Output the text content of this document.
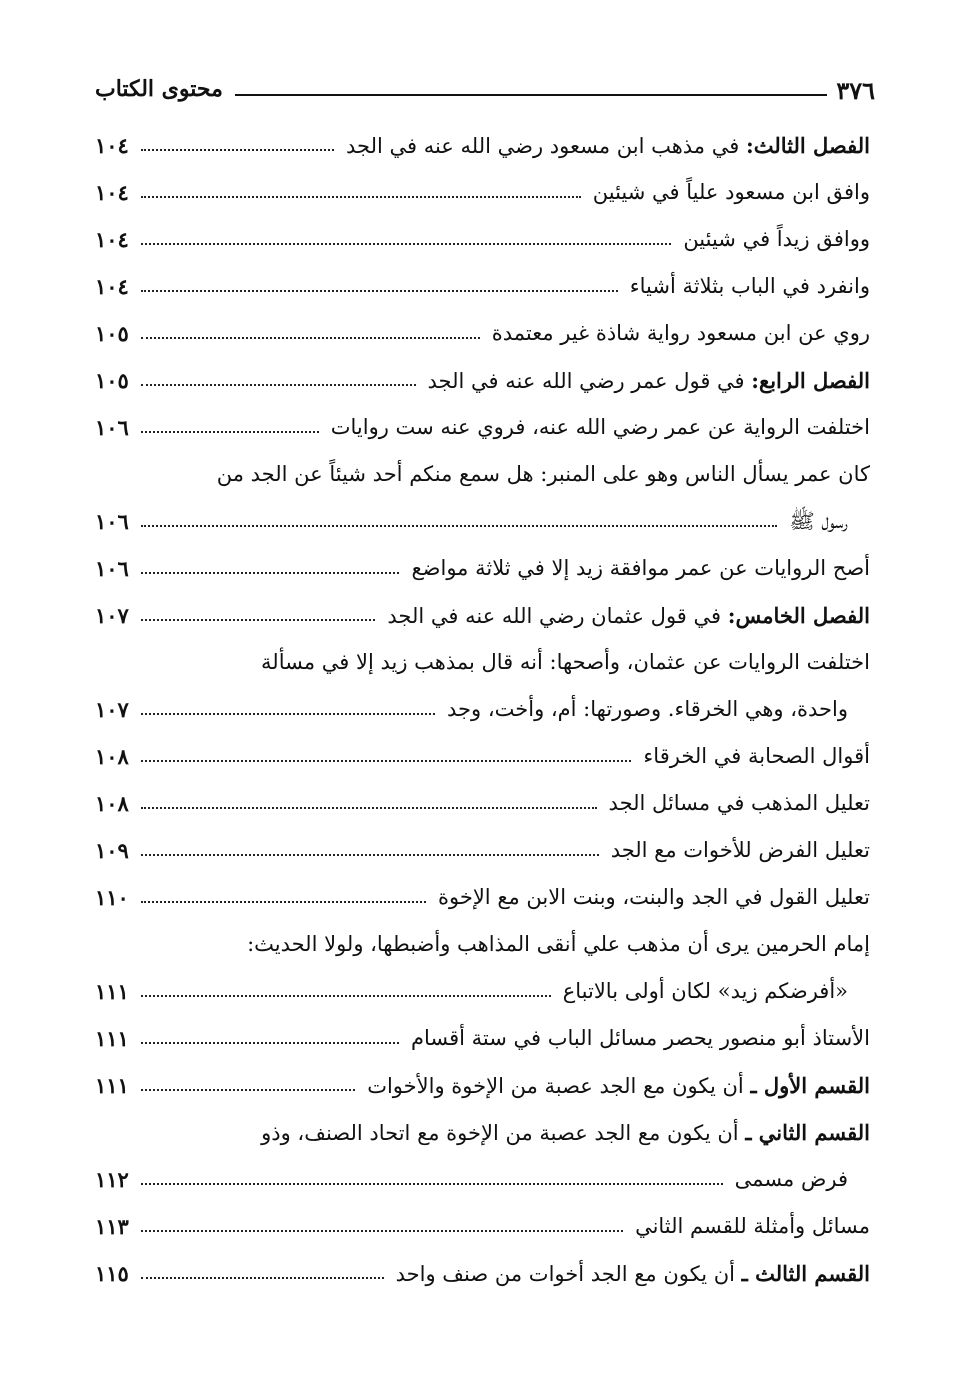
٣٧٦
محتوى الكتاب
الفصل الثالث: في مذهب ابن مسعود رضي الله عنه في الجد
١٠٤
وافق ابن مسعود علياً في شيئين
١٠٤
ووافق زيداً في شيئين
١٠٤
وانفرد في الباب بثلاثة أشياء
١٠٤
روي عن ابن مسعود رواية شاذة غير معتمدة
١٠٥
الفصل الرابع: في قول عمر رضي الله عنه في الجد
١٠٥
اختلفت الرواية عن عمر رضي الله عنه، فروي عنه ست روايات
١٠٦
كان عمر يسأل الناس وهو على المنبر: هل سمع منكم أحد شيئاً عن الجد من
رسول ﷺ
١٠٦
أصح الروايات عن عمر موافقة زيد إلا في ثلاثة مواضع
١٠٦
الفصل الخامس: في قول عثمان رضي الله عنه في الجد
١٠٧
اختلفت الروايات عن عثمان، وأصحها: أنه قال بمذهب زيد إلا في مسألة
واحدة، وهي الخرقاء. وصورتها: أم، وأخت، وجد
١٠٧
أقوال الصحابة في الخرقاء
١٠٨
تعليل المذهب في مسائل الجد
١٠٨
تعليل الفرض للأخوات مع الجد
١٠٩
تعليل القول في الجد والبنت، وبنت الابن مع الإخوة
١١٠
إمام الحرمين يرى أن مذهب علي أنقى المذاهب وأضبطها، ولولا الحديث:
«أفرضكم زيد» لكان أولى بالاتباع
١١١
الأستاذ أبو منصور يحصر مسائل الباب في ستة أقسام
١١١
القسم الأول ـ أن يكون مع الجد عصبة من الإخوة والأخوات
١١١
القسم الثاني ـ أن يكون مع الجد عصبة من الإخوة مع اتحاد الصنف، وذو
فرض مسمى
١١٢
مسائل وأمثلة للقسم الثاني
١١٣
القسم الثالث ـ أن يكون مع الجد أخوات من صنف واحد
١١٥
